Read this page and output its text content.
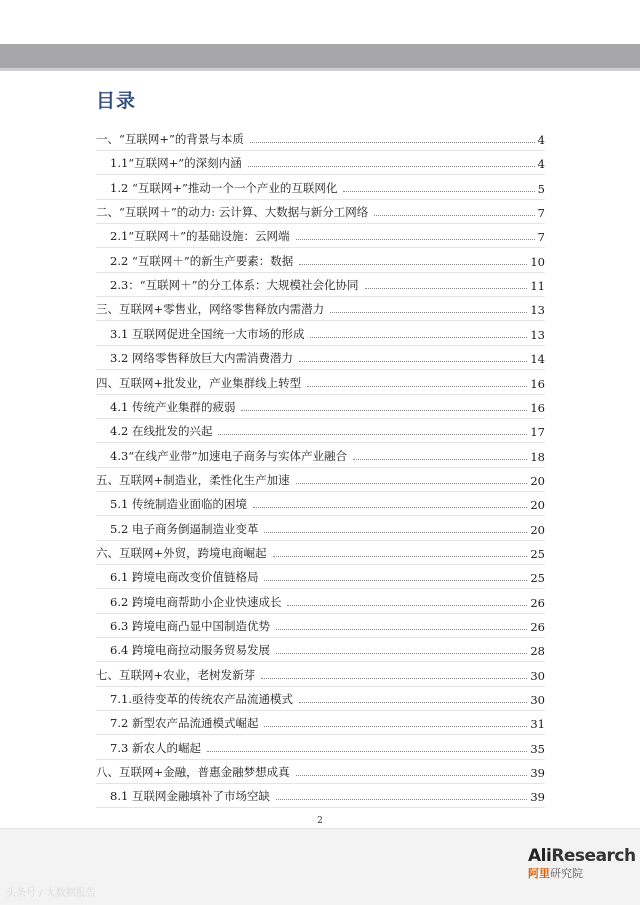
目录
一、“互联网+”的背景与本质	4
1.1“互联网+”的深刻内涵	4
1.2 “互联网+”推动一个一个产业的互联网化	5
二、“互联网＋”的动力: 云计算、大数据与新分工网络	7
2.1“互联网＋”的基础设施：云网端	7
2.2 “互联网＋”的新生产要素：数据	10
2.3：“互联网＋”的分工体系：大规模社会化协同	11
三、互联网+零售业，网络零售释放内需潜力	13
3.1 互联网促进全国统一大市场的形成	13
3.2 网络零售释放巨大内需消费潜力	14
四、互联网+批发业，产业集群线上转型	16
4.1 传统产业集群的疲弱	16
4.2 在线批发的兴起	17
4.3“在线产业带”加速电子商务与实体产业融合	18
五、互联网+制造业，柔性化生产加速	20
5.1 传统制造业面临的困境	20
5.2 电子商务倒逼制造业变革	20
六、互联网+外贸，跨境电商崛起	25
6.1 跨境电商改变价值链格局	25
6.2 跨境电商帮助小企业快速成长	26
6.3 跨境电商凸显中国制造优势	26
6.4 跨境电商拉动服务贸易发展	28
七、互联网+农业，老树发新芽	30
7.1.亟待变革的传统农产品流通模式	30
7.2 新型农产品流通模式崛起	31
7.3 新农人的崛起	35
八、互联网+金融，普惠金融梦想成真	39
8.1 互联网金融填补了市场空缺	39
2
AliResearch
阿里研究院
头条号 / 大数据报告
